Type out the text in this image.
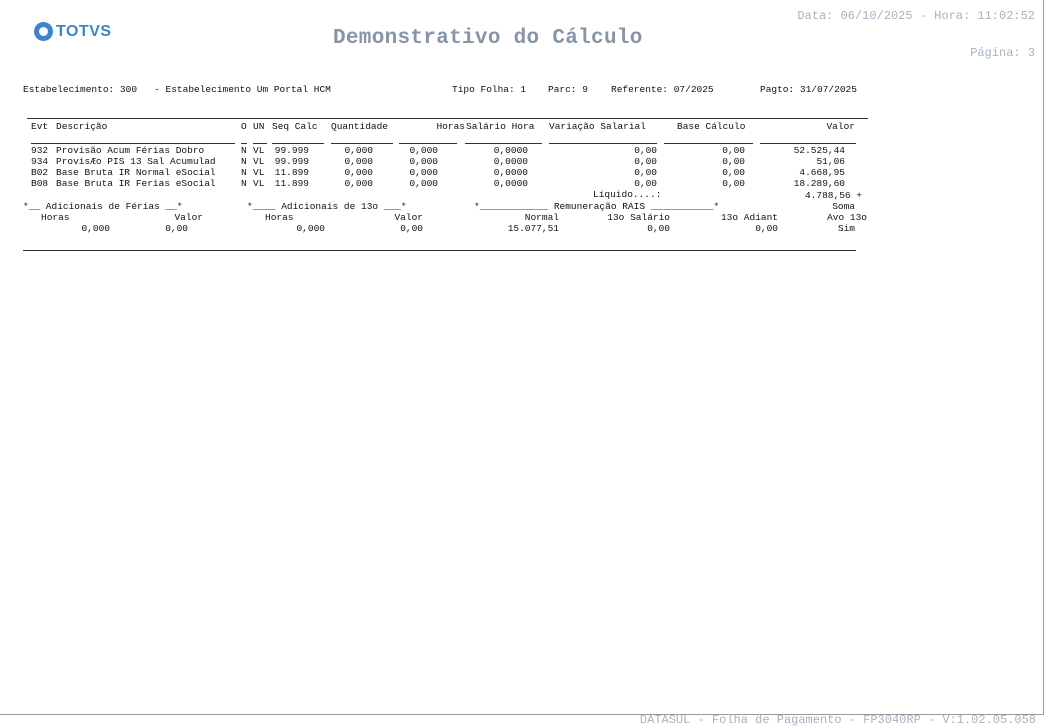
TOTVS	Demonstrativo do Cálculo
Data: 06/10/2025 - Hora: 11:02:52
Página: 3
Estabelecimento: 300   - Estabelecimento Um Portal HCM	Tipo Folha: 1 Parc: 9 Referente: 07/2025	Pagto: 31/07/2025
Evt Descrição	O UN Seq Calc Quantidade	Horas Salário Hora Variação Salarial	Base Cálculo	Valor
932 Provisão Acum Férias Dobro	N VL 99.999	0,000	0,000	0,0000	0,00	0,00	52.525,44
934 ProvisÆo PIS 13 Sal Acumulad	N VL 99.999	0,000	0,000	0,0000	0,00	0,00	51,06
B02 Base Bruta IR Normal eSocial	N VL 11.899	0,000	0,000	0,0000	0,00	0,00	4.668,95
B08 Base Bruta IR Ferias eSocial	N VL 11.899	0,000	0,000	0,0000	0,00	0,00	18.289,60
Líquido....:	4.788,56 +
*__ Adicionais de Férias __*	*____ Adicionais de 13o ___*	*____________ Remuneração RAIS ___________*	Soma
Horas	Valor	Horas	Valor	Normal	13o Salário	13o Adiant	Avo 13o
0,000	0,00	0,000	0,00	15.077,51	0,00	0,00	Sim
DATASUL - Folha de Pagamento - FP3040RP - V:1.02.05.058
